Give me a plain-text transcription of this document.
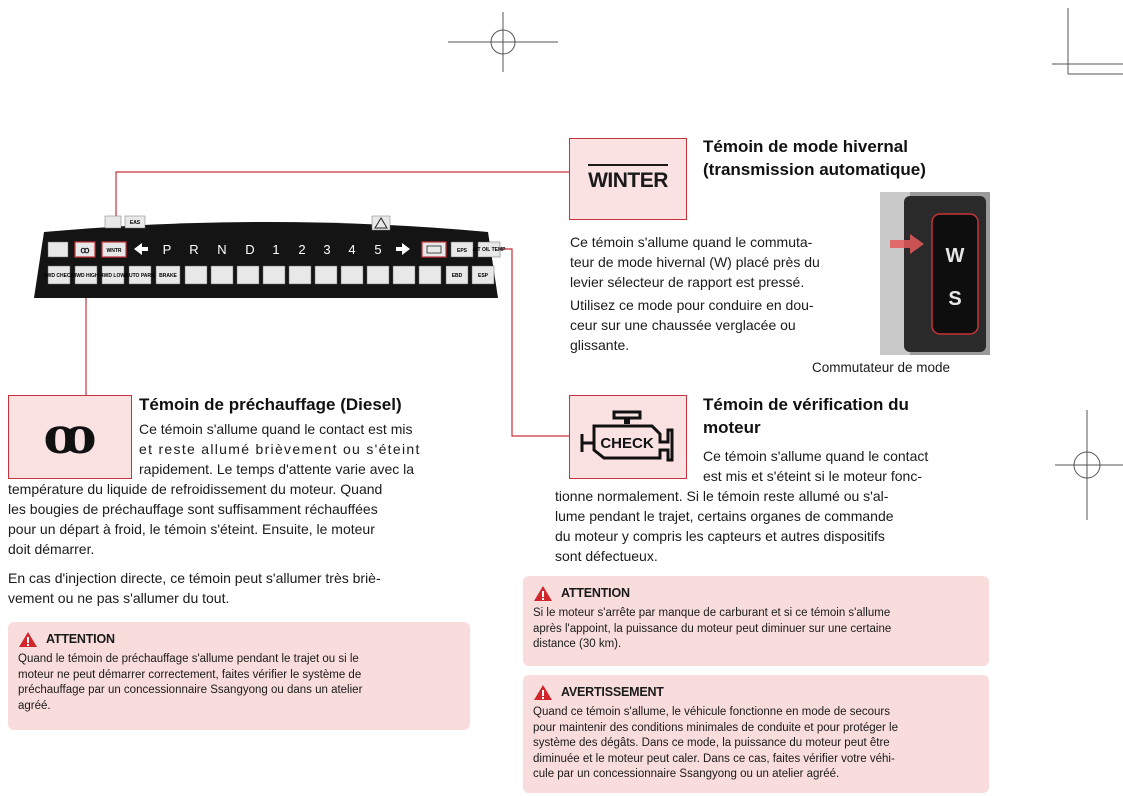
EAS
ꝏ	WNTR	P R N D 1 2 3 4 5	EPS A/T OIL TEMP
4WD CHECK 4WD HIGH 4WD LOW AUTO PARK BRAKE	EBD	ESP
WINTER
Témoin de mode hivernal
(transmission automatique)
Ce témoin s'allume quand le commuta-
teur de mode hivernal (W) placé près du
levier sélecteur de rapport est pressé.
Utilisez ce mode pour conduire en dou-
ceur sur une chaussée verglacée ou
glissante.
W
S
Commutateur de mode
ꝏ
Témoin de préchauffage (Diesel)
Ce témoin s'allume quand le contact est mis
et reste allumé brièvement ou s'éteint
rapidement. Le temps d'attente varie avec la
température du liquide de refroidissement du moteur. Quand
les bougies de préchauffage sont suffisamment réchauffées
pour un départ à froid, le témoin s'éteint. Ensuite, le moteur
doit démarrer.
En cas d'injection directe, ce témoin peut s'allumer très briè-
vement ou ne pas s'allumer du tout.
ATTENTION
Quand le témoin de préchauffage s'allume pendant le trajet ou si le
moteur ne peut démarrer correctement, faites vérifier le système de
préchauffage par un concessionnaire Ssangyong ou dans un atelier
agréé.
CHECK
Témoin de vérification du
moteur
Ce témoin s'allume quand le contact
est mis et s'éteint si le moteur fonc-
tionne normalement. Si le témoin reste allumé ou s'al-
lume pendant le trajet, certains organes de commande
du moteur y compris les capteurs et autres dispositifs
sont défectueux.
ATTENTION
Si le moteur s'arrête par manque de carburant et si ce témoin s'allume
après l'appoint, la puissance du moteur peut diminuer sur une certaine
distance (30 km).
AVERTISSEMENT
Quand ce témoin s'allume, le véhicule fonctionne en mode de secours
pour maintenir des conditions minimales de conduite et pour protéger le
système des dégâts. Dans ce mode, la puissance du moteur peut être
diminuée et le moteur peut caler. Dans ce cas, faites vérifier votre véhi-
cule par un concessionnaire Ssangyong ou un atelier agréé.
